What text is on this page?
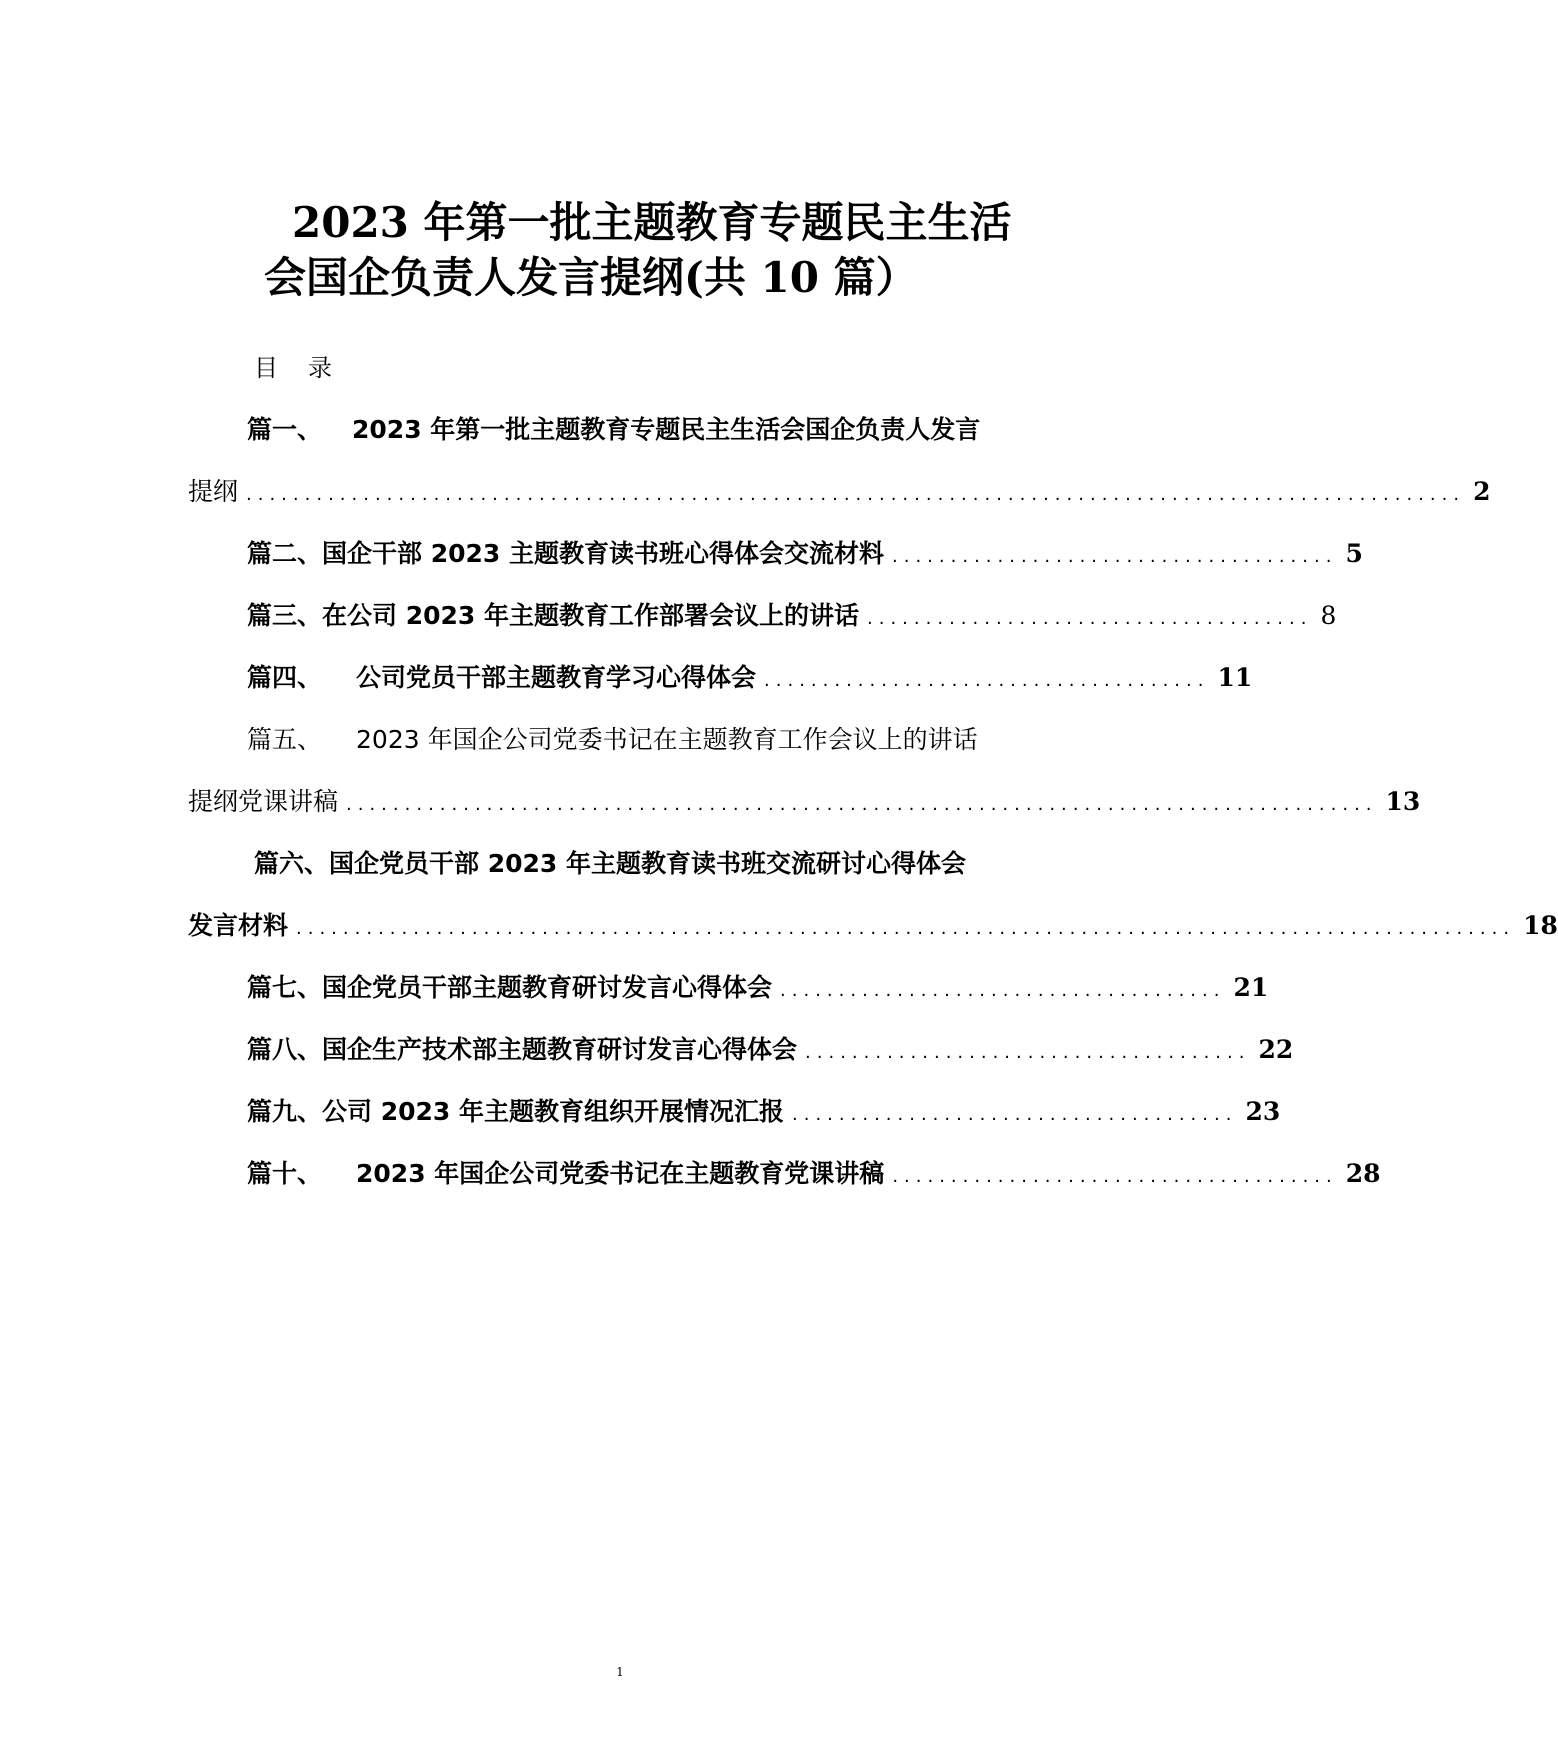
2023 年第一批主题教育专题民主生活
会国企负责人发言提纲(共 10 篇）
目录
篇一、 2023 年第一批主题教育专题民主生活会国企负责人发言
提纲 ........................................................................................................ 2
篇二、 国企干部 2023 主题教育读书班心得体会交流材料 ...................................... 5
篇三、 在公司 2023 年主题教育工作部署会议上的讲话 ...................................... 8
篇四、 公司党员干部主题教育学习心得体会 ...................................... 11
篇五、 2023 年国企公司党委书记在主题教育工作会议上的讲话
提纲党课讲稿 ........................................................................................ 13
篇六、 国企党员干部 2023 年主题教育读书班交流研讨心得体会
发言材料 ........................................................................................................ 18
篇七、 国企党员干部主题教育研讨发言心得体会 ...................................... 21
篇八、 国企生产技术部主题教育研讨发言心得体会 ...................................... 22
篇九、 公司 2023 年主题教育组织开展情况汇报 ...................................... 23
篇十、 2023 年国企公司党委书记在主题教育党课讲稿 ...................................... 28
1
